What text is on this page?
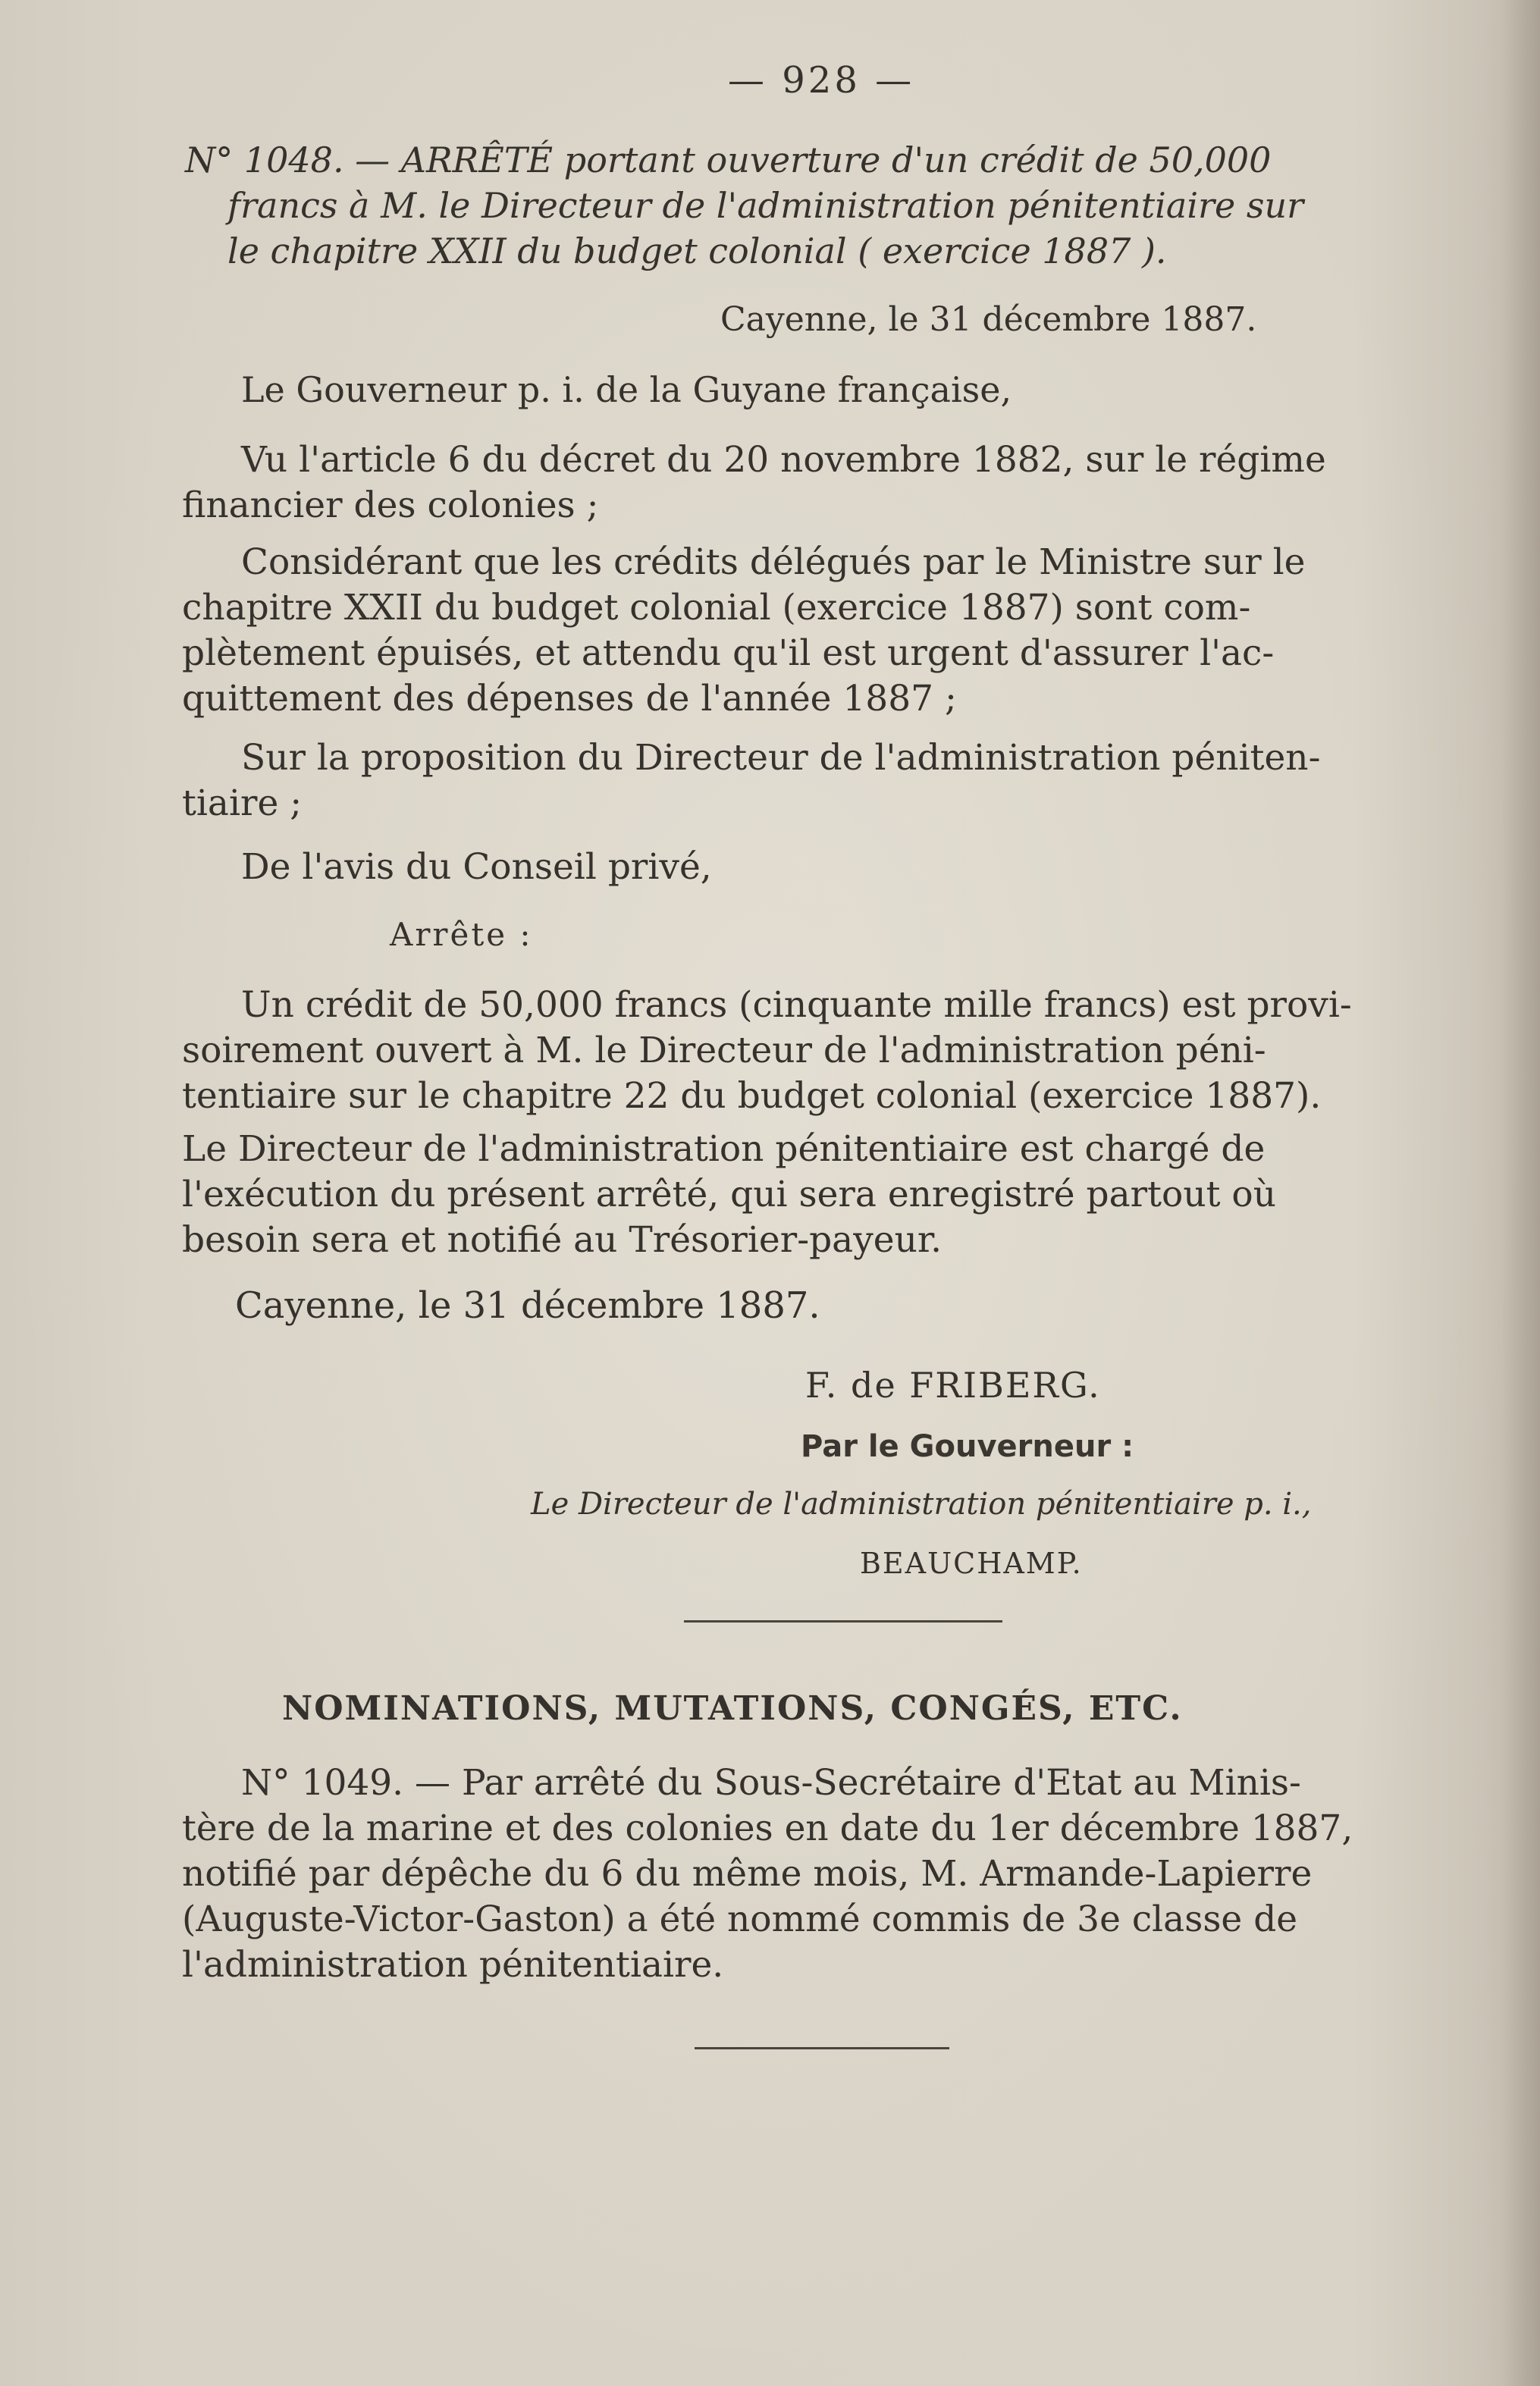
— 928 —

N° 1048. — ARRÊTÉ portant ouverture d'un crédit de 50,000

francs à M. le Directeur de l'administration pénitentiaire sur

le chapitre XXII du budget colonial ( exercice 1887 ).

Cayenne, le 31 décembre 1887.

Le Gouverneur p. i. de la Guyane française,

Vu l'article 6 du décret du 20 novembre 1882, sur le régime

financier des colonies ;

Considérant que les crédits délégués par le Ministre sur le

chapitre XXII du budget colonial (exercice 1887) sont com-

plètement épuisés, et attendu qu'il est urgent d'assurer l'ac-

quittement des dépenses de l'année 1887 ;

Sur la proposition du Directeur de l'administration péniten-

tiaire ;

De l'avis du Conseil privé,

Arrête :

Un crédit de 50,000 francs (cinquante mille francs) est provi-

soirement ouvert à M. le Directeur de l'administration péni-

tentiaire sur le chapitre 22 du budget colonial (exercice 1887).

Le Directeur de l'administration pénitentiaire est chargé de

l'exécution du présent arrêté, qui sera enregistré partout où

besoin sera et notifié au Trésorier-payeur.

Cayenne, le 31 décembre 1887.

F. de FRIBERG.

Par le Gouverneur :

Le Directeur de l'administration pénitentiaire p. i.,

BEAUCHAMP.

NOMINATIONS, MUTATIONS, CONGÉS, ETC.

N° 1049. — Par arrêté du Sous-Secrétaire d'Etat au Minis-

tère de la marine et des colonies en date du 1er décembre 1887,

notifié par dépêche du 6 du même mois, M. Armande-Lapierre

(Auguste-Victor-Gaston) a été nommé commis de 3e classe de

l'administration pénitentiaire.
